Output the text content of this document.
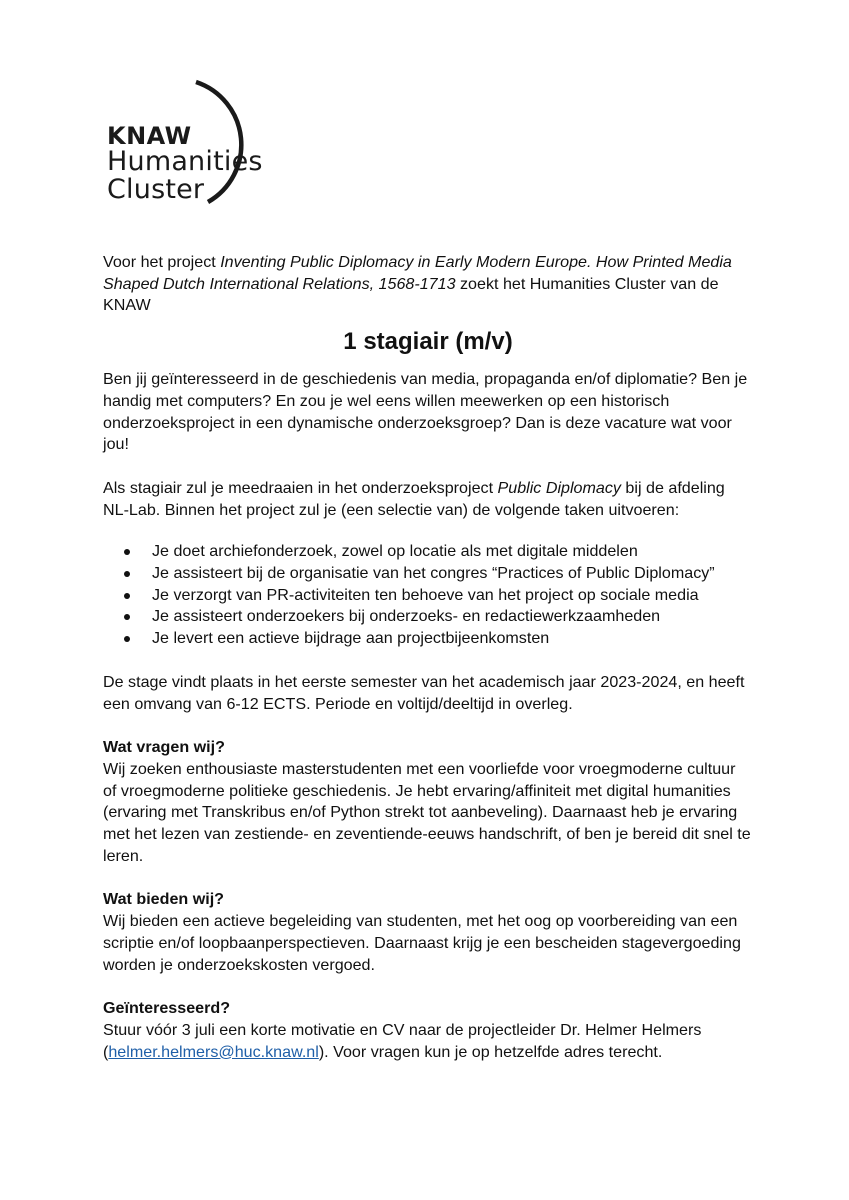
KNAW
Humanities
Cluster

Voor het project Inventing Public Diplomacy in Early Modern Europe. How Printed Media Shaped Dutch International Relations, 1568-1713 zoekt het Humanities Cluster van de KNAW

1 stagiair (m/v)

Ben jij geïnteresseerd in de geschiedenis van media, propaganda en/of diplomatie? Ben je handig met computers? En zou je wel eens willen meewerken op een historisch onderzoeksproject in een dynamische onderzoeksgroep? Dan is deze vacature wat voor jou!

Als stagiair zul je meedraaien in het onderzoeksproject Public Diplomacy bij de afdeling NL-Lab. Binnen het project zul je (een selectie van) de volgende taken uitvoeren:

Je doet archiefonderzoek, zowel op locatie als met digitale middelen
Je assisteert bij de organisatie van het congres “Practices of Public Diplomacy”
Je verzorgt van PR-activiteiten ten behoeve van het project op sociale media
Je assisteert onderzoekers bij onderzoeks- en redactiewerkzaamheden
Je levert een actieve bijdrage aan projectbijeenkomsten

De stage vindt plaats in het eerste semester van het academisch jaar 2023-2024, en heeft een omvang van 6-12 ECTS. Periode en voltijd/deeltijd in overleg.

Wat vragen wij?

Wij zoeken enthousiaste masterstudenten met een voorliefde voor vroegmoderne cultuur of vroegmoderne politieke geschiedenis. Je hebt ervaring/affiniteit met digital humanities (ervaring met Transkribus en/of Python strekt tot aanbeveling). Daarnaast heb je ervaring met het lezen van zestiende- en zeventiende-eeuws handschrift, of ben je bereid dit snel te leren.

Wat bieden wij?

Wij bieden een actieve begeleiding van studenten, met het oog op voorbereiding van een scriptie en/of loopbaanperspectieven. Daarnaast krijg je een bescheiden stagevergoeding worden je onderzoekskosten vergoed.

Geïnteresseerd?

Stuur vóór 3 juli een korte motivatie en CV naar de projectleider Dr. Helmer Helmers (helmer.helmers@huc.knaw.nl). Voor vragen kun je op hetzelfde adres terecht.
